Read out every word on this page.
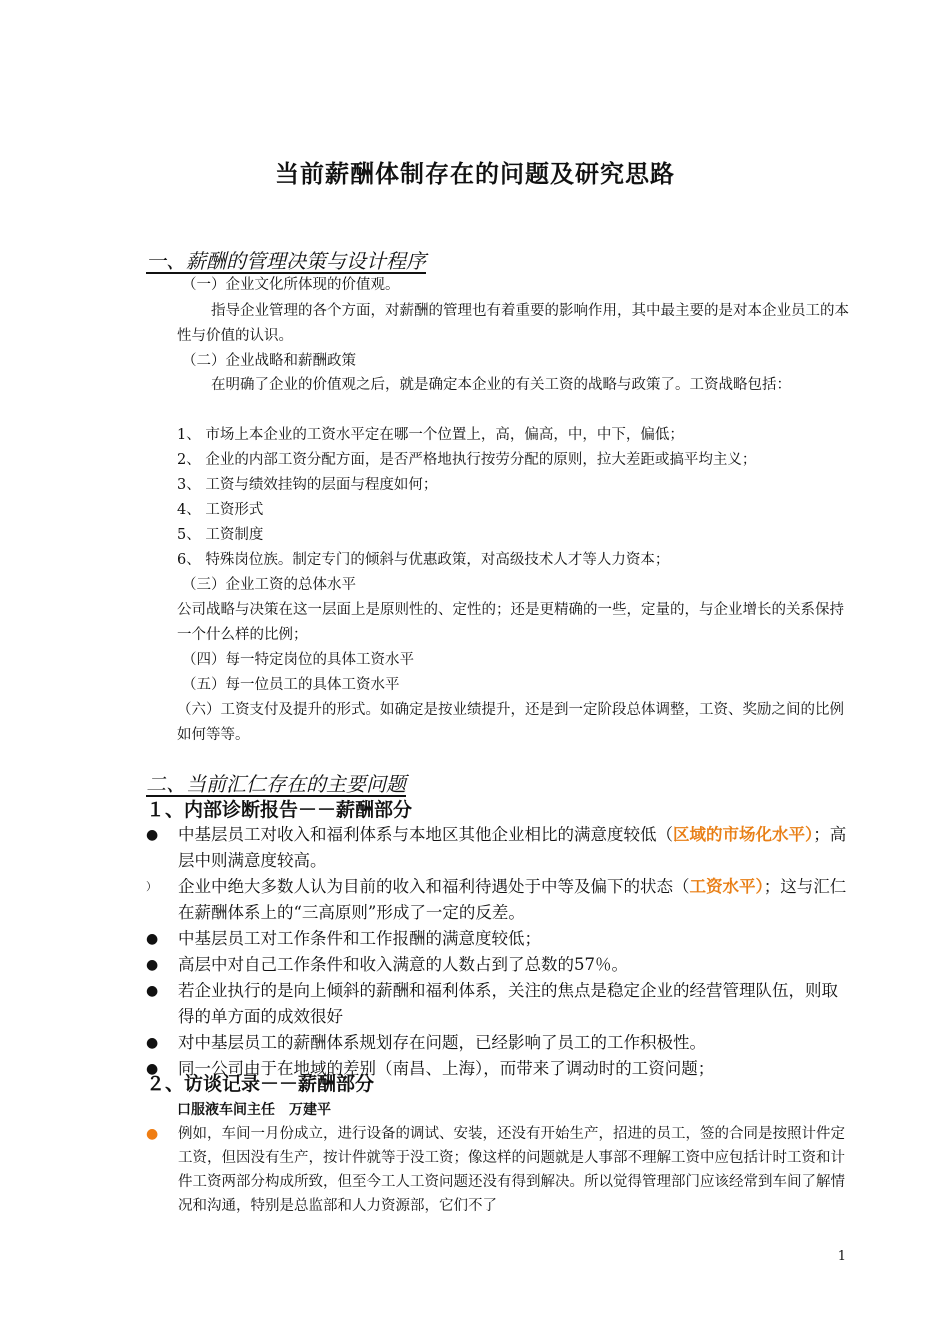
当前薪酬体制存在的问题及研究思路
一、薪酬的管理决策与设计程序
（一）企业文化所体现的价值观。
指导企业管理的各个方面，对薪酬的管理也有着重要的影响作用，其中最主要的是对本企业员工的本性与价值的认识。
（二）企业战略和薪酬政策
在明确了企业的价值观之后，就是确定本企业的有关工资的战略与政策了。工资战略包括：
1、 市场上本企业的工资水平定在哪一个位置上，高，偏高，中，中下，偏低；
2、 企业的内部工资分配方面，是否严格地执行按劳分配的原则，拉大差距或搞平均主义；
3、 工资与绩效挂钩的层面与程度如何；
4、 工资形式
5、 工资制度
6、 特殊岗位族。制定专门的倾斜与优惠政策，对高级技术人才等人力资本；
（三）企业工资的总体水平
公司战略与决策在这一层面上是原则性的、定性的；还是更精确的一些，定量的，与企业增长的关系保持一个什么样的比例；
（四）每一特定岗位的具体工资水平
（五）每一位员工的具体工资水平
（六）工资支付及提升的形式。如确定是按业绩提升，还是到一定阶段总体调整，工资、奖励之间的比例如何等等。
二、当前汇仁存在的主要问题
１、内部诊断报告－－薪酬部分
●	中基层员工对收入和福利体系与本地区其他企业相比的满意度较低（区域的市场化水平）；高层中则满意度较高。
）	企业中绝大多数人认为目前的收入和福利待遇处于中等及偏下的状态（工资水平）；这与汇仁在薪酬体系上的“三高原则”形成了一定的反差。
●	中基层员工对工作条件和工作报酬的满意度较低；
●	高层中对自己工作条件和收入满意的人数占到了总数的57％。
●	若企业执行的是向上倾斜的薪酬和福利体系，关注的焦点是稳定企业的经营管理队伍，则取得的单方面的成效很好
●	对中基层员工的薪酬体系规划存在问题，已经影响了员工的工作积极性。
●	同一公司由于在地域的差别（南昌、上海），而带来了调动时的工资问题；
２、访谈记录－－薪酬部分
口服液车间主任　万建平
●	例如，车间一月份成立，进行设备的调试、安装，还没有开始生产，招进的员工，签的合同是按照计件定工资，但因没有生产，按计件就等于没工资；像这样的问题就是人事部不理解工资中应包括计时工资和计件工资两部分构成所致，但至今工人工资问题还没有得到解决。所以觉得管理部门应该经常到车间了解情况和沟通，特别是总监部和人力资源部，它们不了
1
